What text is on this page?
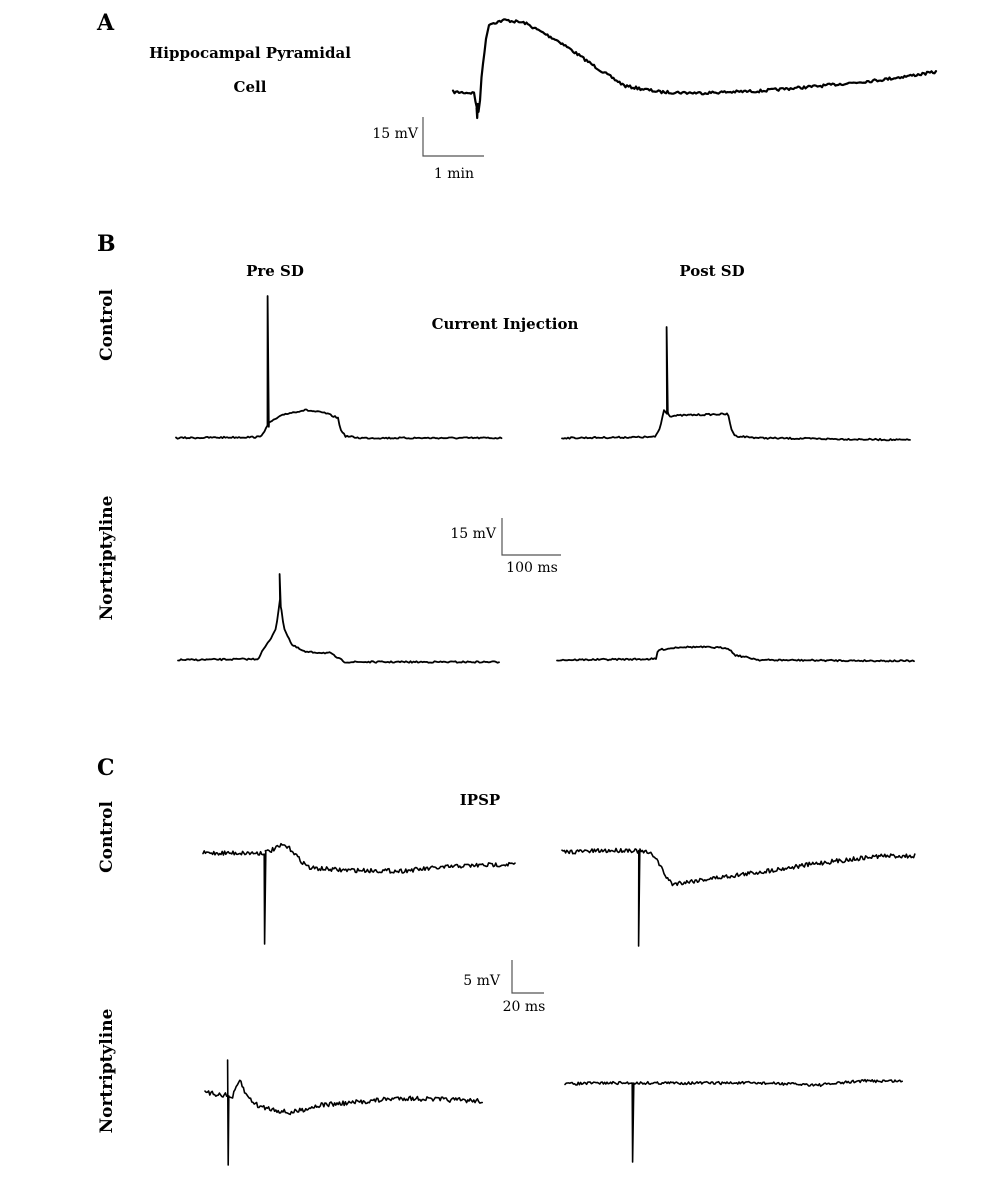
A
Hippocampal Pyramidal
Cell
15 mV
1 min
B
Pre SD	Post SD
Current Injection
Control
Nortriptyline	15 mV
100 ms
C
IPSP
Control
Nortriptyline
5 mV
20 ms
